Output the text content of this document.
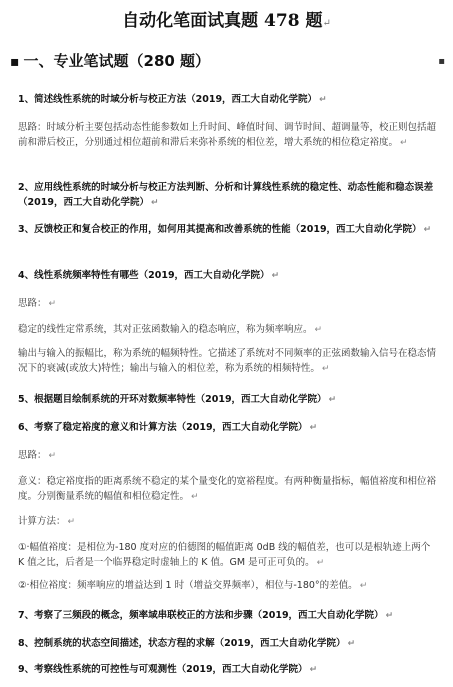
自动化笔面试真题 478 题↵
▪ 一、专业笔试题（280 题）	▪
1、简述线性系统的时域分析与校正方法（2019，西工大自动化学院） ↵
思路：时域分析主要包括动态性能参数如上升时间、峰值时间、调节时间、超调量等，校正则包括超前和滞后校正，分别通过相位超前和滞后来弥补系统的相位差，增大系统的相位稳定裕度。 ↵
2、应用线性系统的时域分析与校正方法判断、分析和计算线性系统的稳定性、动态性能和稳态误差（2019，西工大自动化学院） ↵
3、反馈校正和复合校正的作用，如何用其提高和改善系统的性能（2019，西工大自动化学院） ↵
4、线性系统频率特性有哪些（2019，西工大自动化学院） ↵
思路： ↵
稳定的线性定常系统，其对正弦函数输入的稳态响应，称为频率响应。 ↵
输出与输入的振幅比，称为系统的幅频特性。它描述了系统对不同频率的正弦函数输入信号在稳态情况下的衰减(或放大)特性；输出与输入的相位差，称为系统的相频特性。 ↵
5、根据题目绘制系统的开环对数频率特性（2019，西工大自动化学院） ↵
6、考察了稳定裕度的意义和计算方法（2019，西工大自动化学院） ↵
思路： ↵
意义：稳定裕度指的距离系统不稳定的某个量变化的宽裕程度。有两种衡量指标，幅值裕度和相位裕度。分别衡量系统的幅值和相位稳定性。 ↵
计算方法： ↵
①·幅值裕度：是相位为-180 度对应的伯德图的幅值距离 0dB 线的幅值差，也可以是根轨迹上两个 K 值之比，后者是一个临界稳定时虚轴上的 K 值。GM 是可正可负的。 ↵
②·相位裕度：频率响应的增益达到 1 时（增益交界频率），相位与-180°的差值。 ↵
7、考察了三频段的概念，频率域串联校正的方法和步骤（2019，西工大自动化学院） ↵
8、控制系统的状态空间描述，状态方程的求解（2019，西工大自动化学院） ↵
9、考察线性系统的可控性与可观测性（2019，西工大自动化学院） ↵
